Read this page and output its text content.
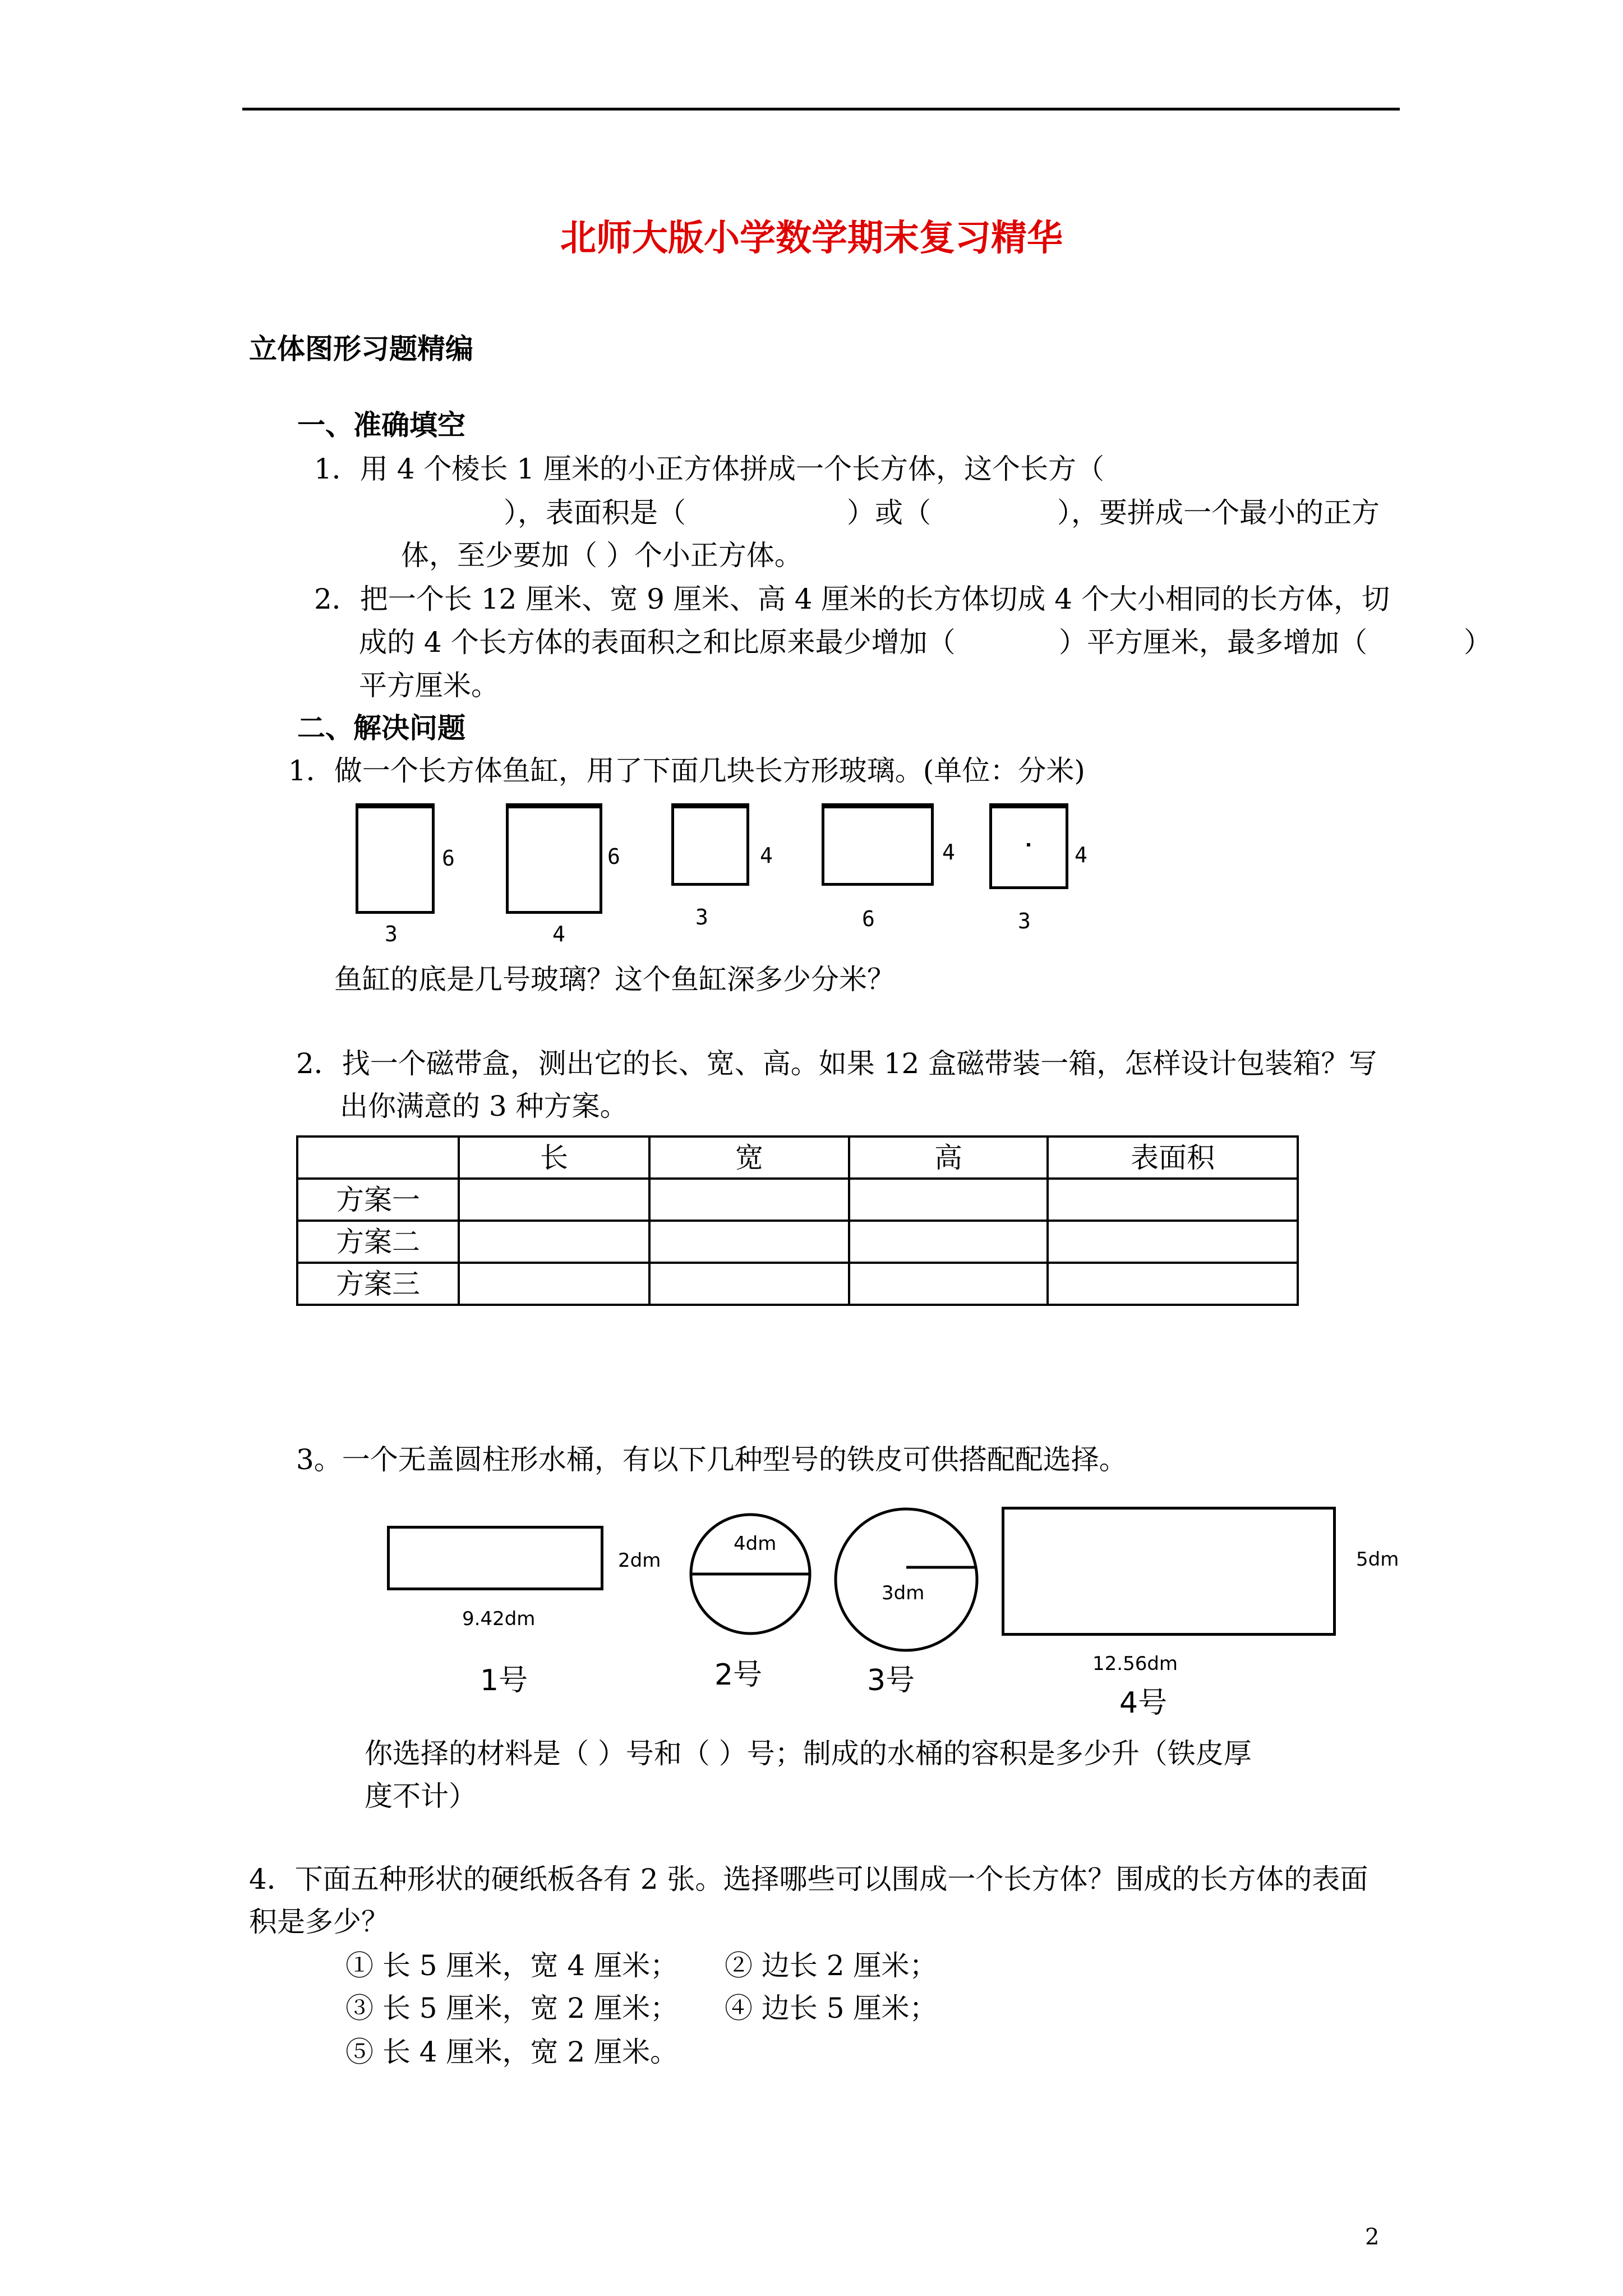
北师大版小学数学期末复习精华
立体图形习题精编
一、准确填空
1．用 4 个棱长 1 厘米的小正方体拼成一个长方体，这个长方（
），表面积是（	）或（	），要拼成一个最小的正方
体，至少要加（ ）个小正方体。
2．把一个长 12 厘米、宽 9 厘米、高 4 厘米的长方体切成 4 个大小相同的长方体，切
成的 4 个长方体的表面积之和比原来最少增加（	）平方厘米，最多增加（	）
平方厘米。
二、解决问题
1．做一个长方体鱼缸，用了下面几块长方形玻璃。(单位：分米)
6
3
6
4
4
3
4
6
4
3
鱼缸的底是几号玻璃？这个鱼缸深多少分米？
2．找一个磁带盒，测出它的长、宽、高。如果 12 盒磁带装一箱，怎样设计包装箱？写
出你满意的 3 种方案。
	长	宽	高	表面积
方案一				
方案二				
方案三				
3。一个无盖圆柱形水桶，有以下几种型号的铁皮可供搭配配选择。
2dm
9.42dm
1号
4dm
2号
3dm
3号
5dm
12.56dm
4号
你选择的材料是（ ）号和（ ）号；制成的水桶的容积是多少升（铁皮厚
度不计）
4．下面五种形状的硬纸板各有 2 张。选择哪些可以围成一个长方体？围成的长方体的表面
积是多少？
① 长 5 厘米，宽 4 厘米； ② 边长 2 厘米；
③ 长 5 厘米，宽 2 厘米； ④ 边长 5 厘米；
⑤ 长 4 厘米，宽 2 厘米。
2
